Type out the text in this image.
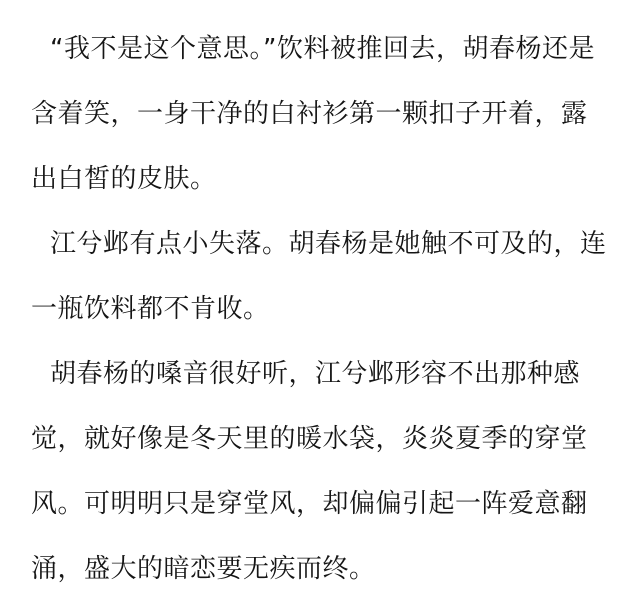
“我不是这个意思。”饮料被推回去，胡春杨还是
含着笑，一身干净的白衬衫第一颗扣子开着，露
出白皙的皮肤。
江兮邺有点小失落。胡春杨是她触不可及的，连
一瓶饮料都不肯收。
胡春杨的嗓音很好听，江兮邺形容不出那种感
觉，就好像是冬天里的暖水袋，炎炎夏季的穿堂
风。可明明只是穿堂风，却偏偏引起一阵爱意翻
涌，盛大的暗恋要无疾而终。
